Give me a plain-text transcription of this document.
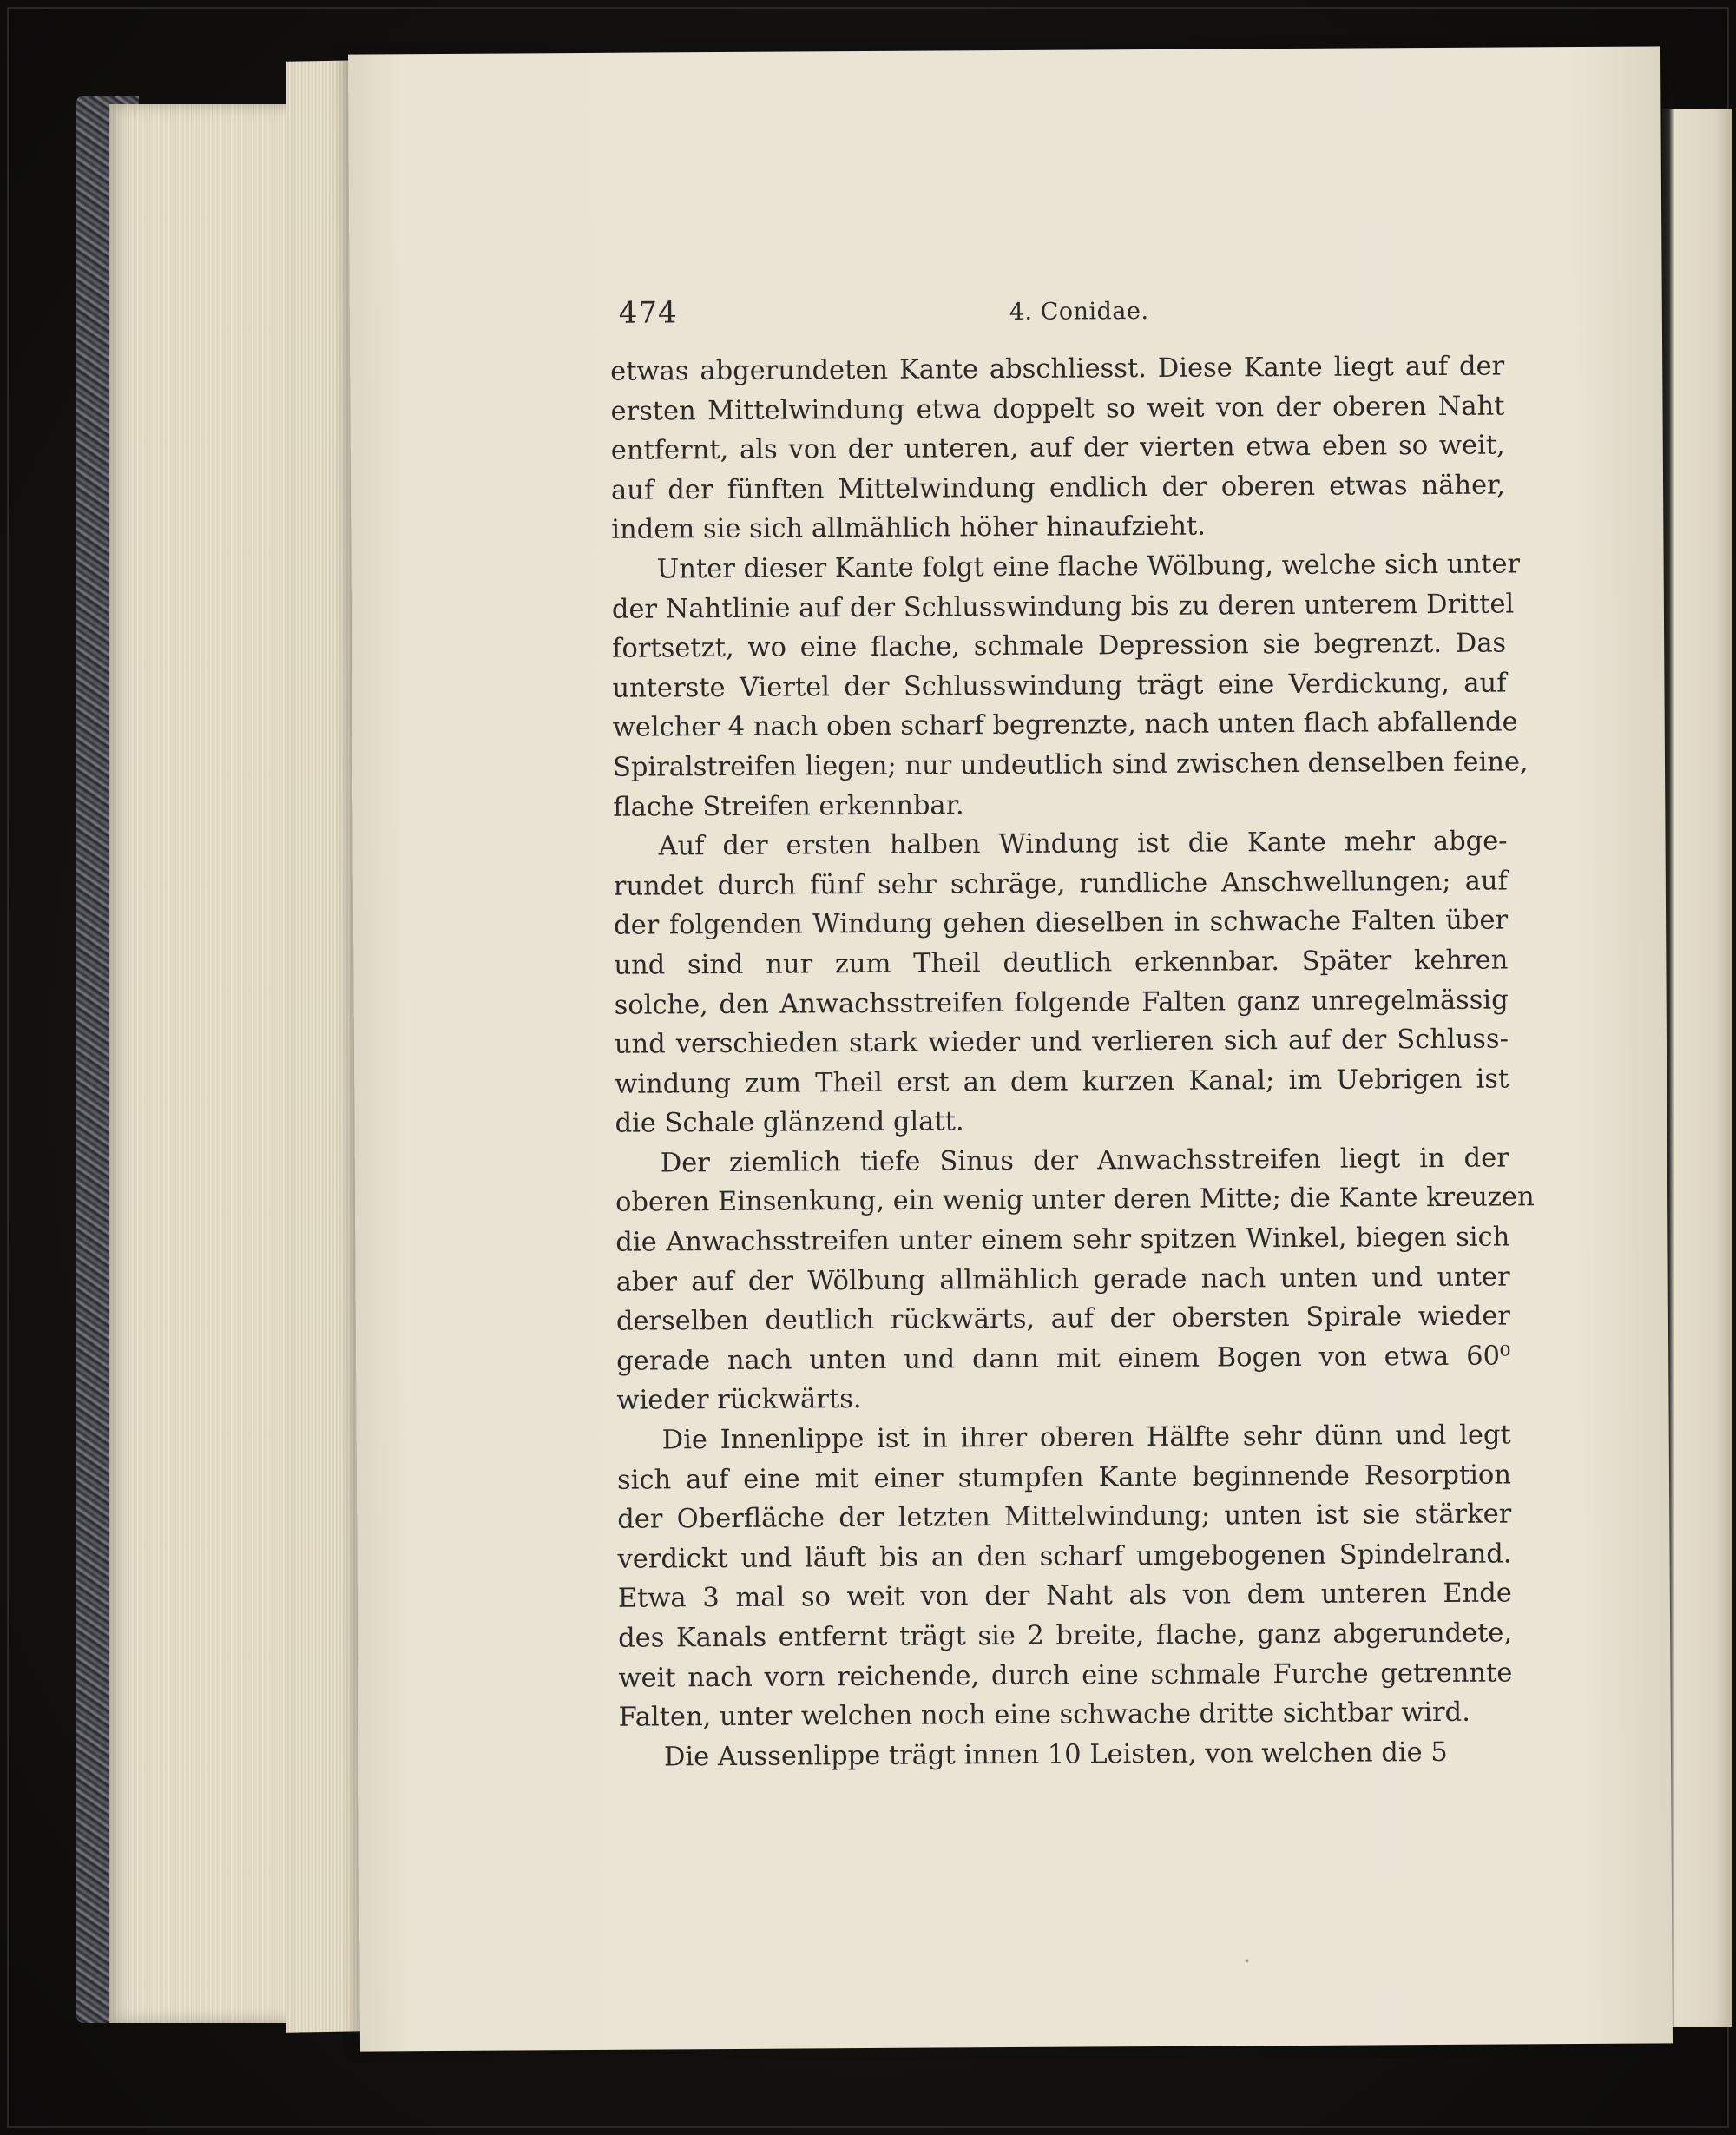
474	4. Conidae.
etwas abgerundeten Kante abschliesst. Diese Kante liegt auf der
ersten Mittelwindung etwa doppelt so weit von der oberen Naht
entfernt, als von der unteren, auf der vierten etwa eben so weit,
auf der fünften Mittelwindung endlich der oberen etwas näher,
indem sie sich allmählich höher hinaufzieht.
Unter dieser Kante folgt eine flache Wölbung, welche sich unter
der Nahtlinie auf der Schlusswindung bis zu deren unterem Drittel
fortsetzt, wo eine flache, schmale Depression sie begrenzt. Das
unterste Viertel der Schlusswindung trägt eine Verdickung, auf
welcher 4 nach oben scharf begrenzte, nach unten flach abfallende
Spiralstreifen liegen; nur undeutlich sind zwischen denselben feine,
flache Streifen erkennbar.
Auf der ersten halben Windung ist die Kante mehr abge-
rundet durch fünf sehr schräge, rundliche Anschwellungen; auf
der folgenden Windung gehen dieselben in schwache Falten über
und sind nur zum Theil deutlich erkennbar. Später kehren
solche, den Anwachsstreifen folgende Falten ganz unregelmässig
und verschieden stark wieder und verlieren sich auf der Schluss-
windung zum Theil erst an dem kurzen Kanal; im Uebrigen ist
die Schale glänzend glatt.
Der ziemlich tiefe Sinus der Anwachsstreifen liegt in der
oberen Einsenkung, ein wenig unter deren Mitte; die Kante kreuzen
die Anwachsstreifen unter einem sehr spitzen Winkel, biegen sich
aber auf der Wölbung allmählich gerade nach unten und unter
derselben deutlich rückwärts, auf der obersten Spirale wieder
gerade nach unten und dann mit einem Bogen von etwa 60⁰
wieder rückwärts.
Die Innenlippe ist in ihrer oberen Hälfte sehr dünn und legt
sich auf eine mit einer stumpfen Kante beginnende Resorption
der Oberfläche der letzten Mittelwindung; unten ist sie stärker
verdickt und läuft bis an den scharf umgebogenen Spindelrand.
Etwa 3 mal so weit von der Naht als von dem unteren Ende
des Kanals entfernt trägt sie 2 breite, flache, ganz abgerundete,
weit nach vorn reichende, durch eine schmale Furche getrennte
Falten, unter welchen noch eine schwache dritte sichtbar wird.
Die Aussenlippe trägt innen 10 Leisten, von welchen die 5
